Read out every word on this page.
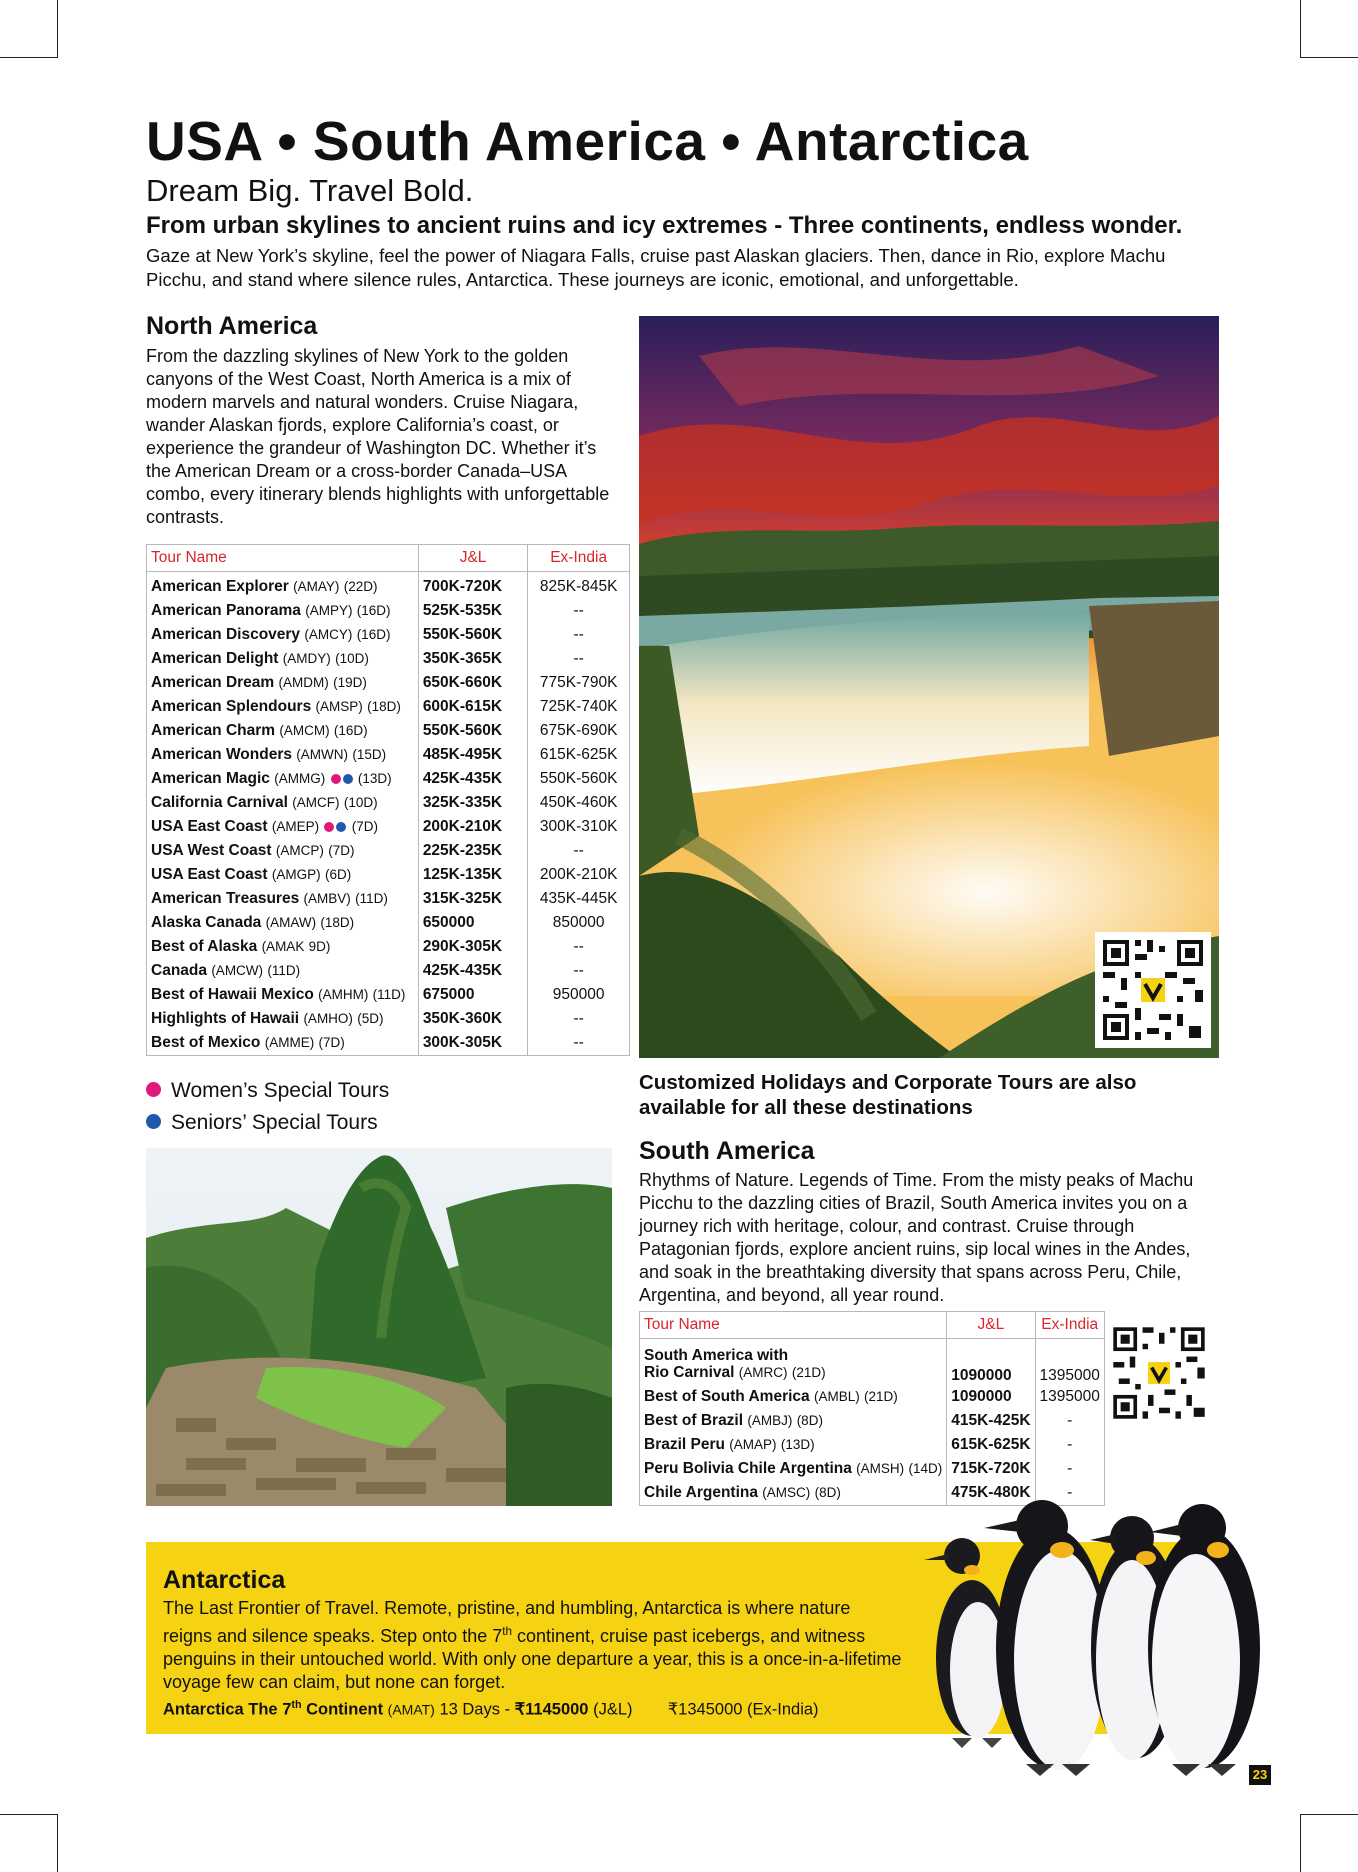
USA • South America • Antarctica
Dream Big. Travel Bold.
From urban skylines to ancient ruins and icy extremes - Three continents, endless wonder.
Gaze at New York’s skyline, feel the power of Niagara Falls, cruise past Alaskan glaciers. Then, dance in Rio, explore Machu Picchu, and stand where silence rules, Antarctica. These journeys are iconic, emotional, and unforgettable.
North America
From the dazzling skylines of New York to the golden canyons of the West Coast, North America is a mix of modern marvels and natural wonders. Cruise Niagara, wander Alaskan fjords, explore California’s coast, or experience the grandeur of Washington DC. Whether it’s the American Dream or a cross-border Canada–USA combo, every itinerary blends highlights with unforgettable contrasts.
Tour Name	J&L	Ex-India
American Explorer (AMAY) (22D)	700K-720K	825K-845K
American Panorama (AMPY) (16D)	525K-535K	--
American Discovery (AMCY) (16D)	550K-560K	--
American Delight (AMDY) (10D)	350K-365K	--
American Dream (AMDM) (19D)	650K-660K	775K-790K
American Splendours (AMSP) (18D)	600K-615K	725K-740K
American Charm (AMCM) (16D)	550K-560K	675K-690K
American Wonders (AMWN) (15D)	485K-495K	615K-625K
American Magic (AMMG) (13D)	425K-435K	550K-560K
California Carnival (AMCF) (10D)	325K-335K	450K-460K
USA East Coast (AMEP) (7D)	200K-210K	300K-310K
USA West Coast (AMCP) (7D)	225K-235K	--
USA East Coast (AMGP) (6D)	125K-135K	200K-210K
American Treasures (AMBV) (11D)	315K-325K	435K-445K
Alaska Canada (AMAW) (18D)	650000	850000
Best of Alaska (AMAK 9D)	290K-305K	--
Canada (AMCW) (11D)	425K-435K	--
Best of Hawaii Mexico (AMHM) (11D)	675000	950000
Highlights of Hawaii (AMHO) (5D)	350K-360K	--
Best of Mexico (AMME) (7D)	300K-305K	--
Women’s Special Tours
Seniors’ Special Tours
Customized Holidays and Corporate Tours are also available for all these destinations
South America
Rhythms of Nature. Legends of Time. From the misty peaks of Machu Picchu to the dazzling cities of Brazil, South America invites you on a journey rich with heritage, colour, and contrast. Cruise through Patagonian fjords, explore ancient ruins, sip local wines in the Andes, and soak in the breathtaking diversity that spans across Peru, Chile, Argentina, and beyond, all year round.
Tour Name	J&L	Ex-India
South America with
Rio Carnival (AMRC) (21D)	1090000	1395000
Best of South America (AMBL) (21D)	1090000	1395000
Best of Brazil (AMBJ) (8D)	415K-425K	-
Brazil Peru (AMAP) (13D)	615K-625K	-
Peru Bolivia Chile Argentina (AMSH) (14D)	715K-720K	-
Chile Argentina (AMSC) (8D)	475K-480K	-
Antarctica
The Last Frontier of Travel. Remote, pristine, and humbling, Antarctica is where nature reigns and silence speaks. Step onto the 7th continent, cruise past icebergs, and witness penguins in their untouched world. With only one departure a year, this is a once-in-a-lifetime voyage few can claim, but none can forget.
Antarctica The 7th Continent (AMAT) 13 Days - ₹1145000 (J&L) ₹1345000 (Ex-India)
23
